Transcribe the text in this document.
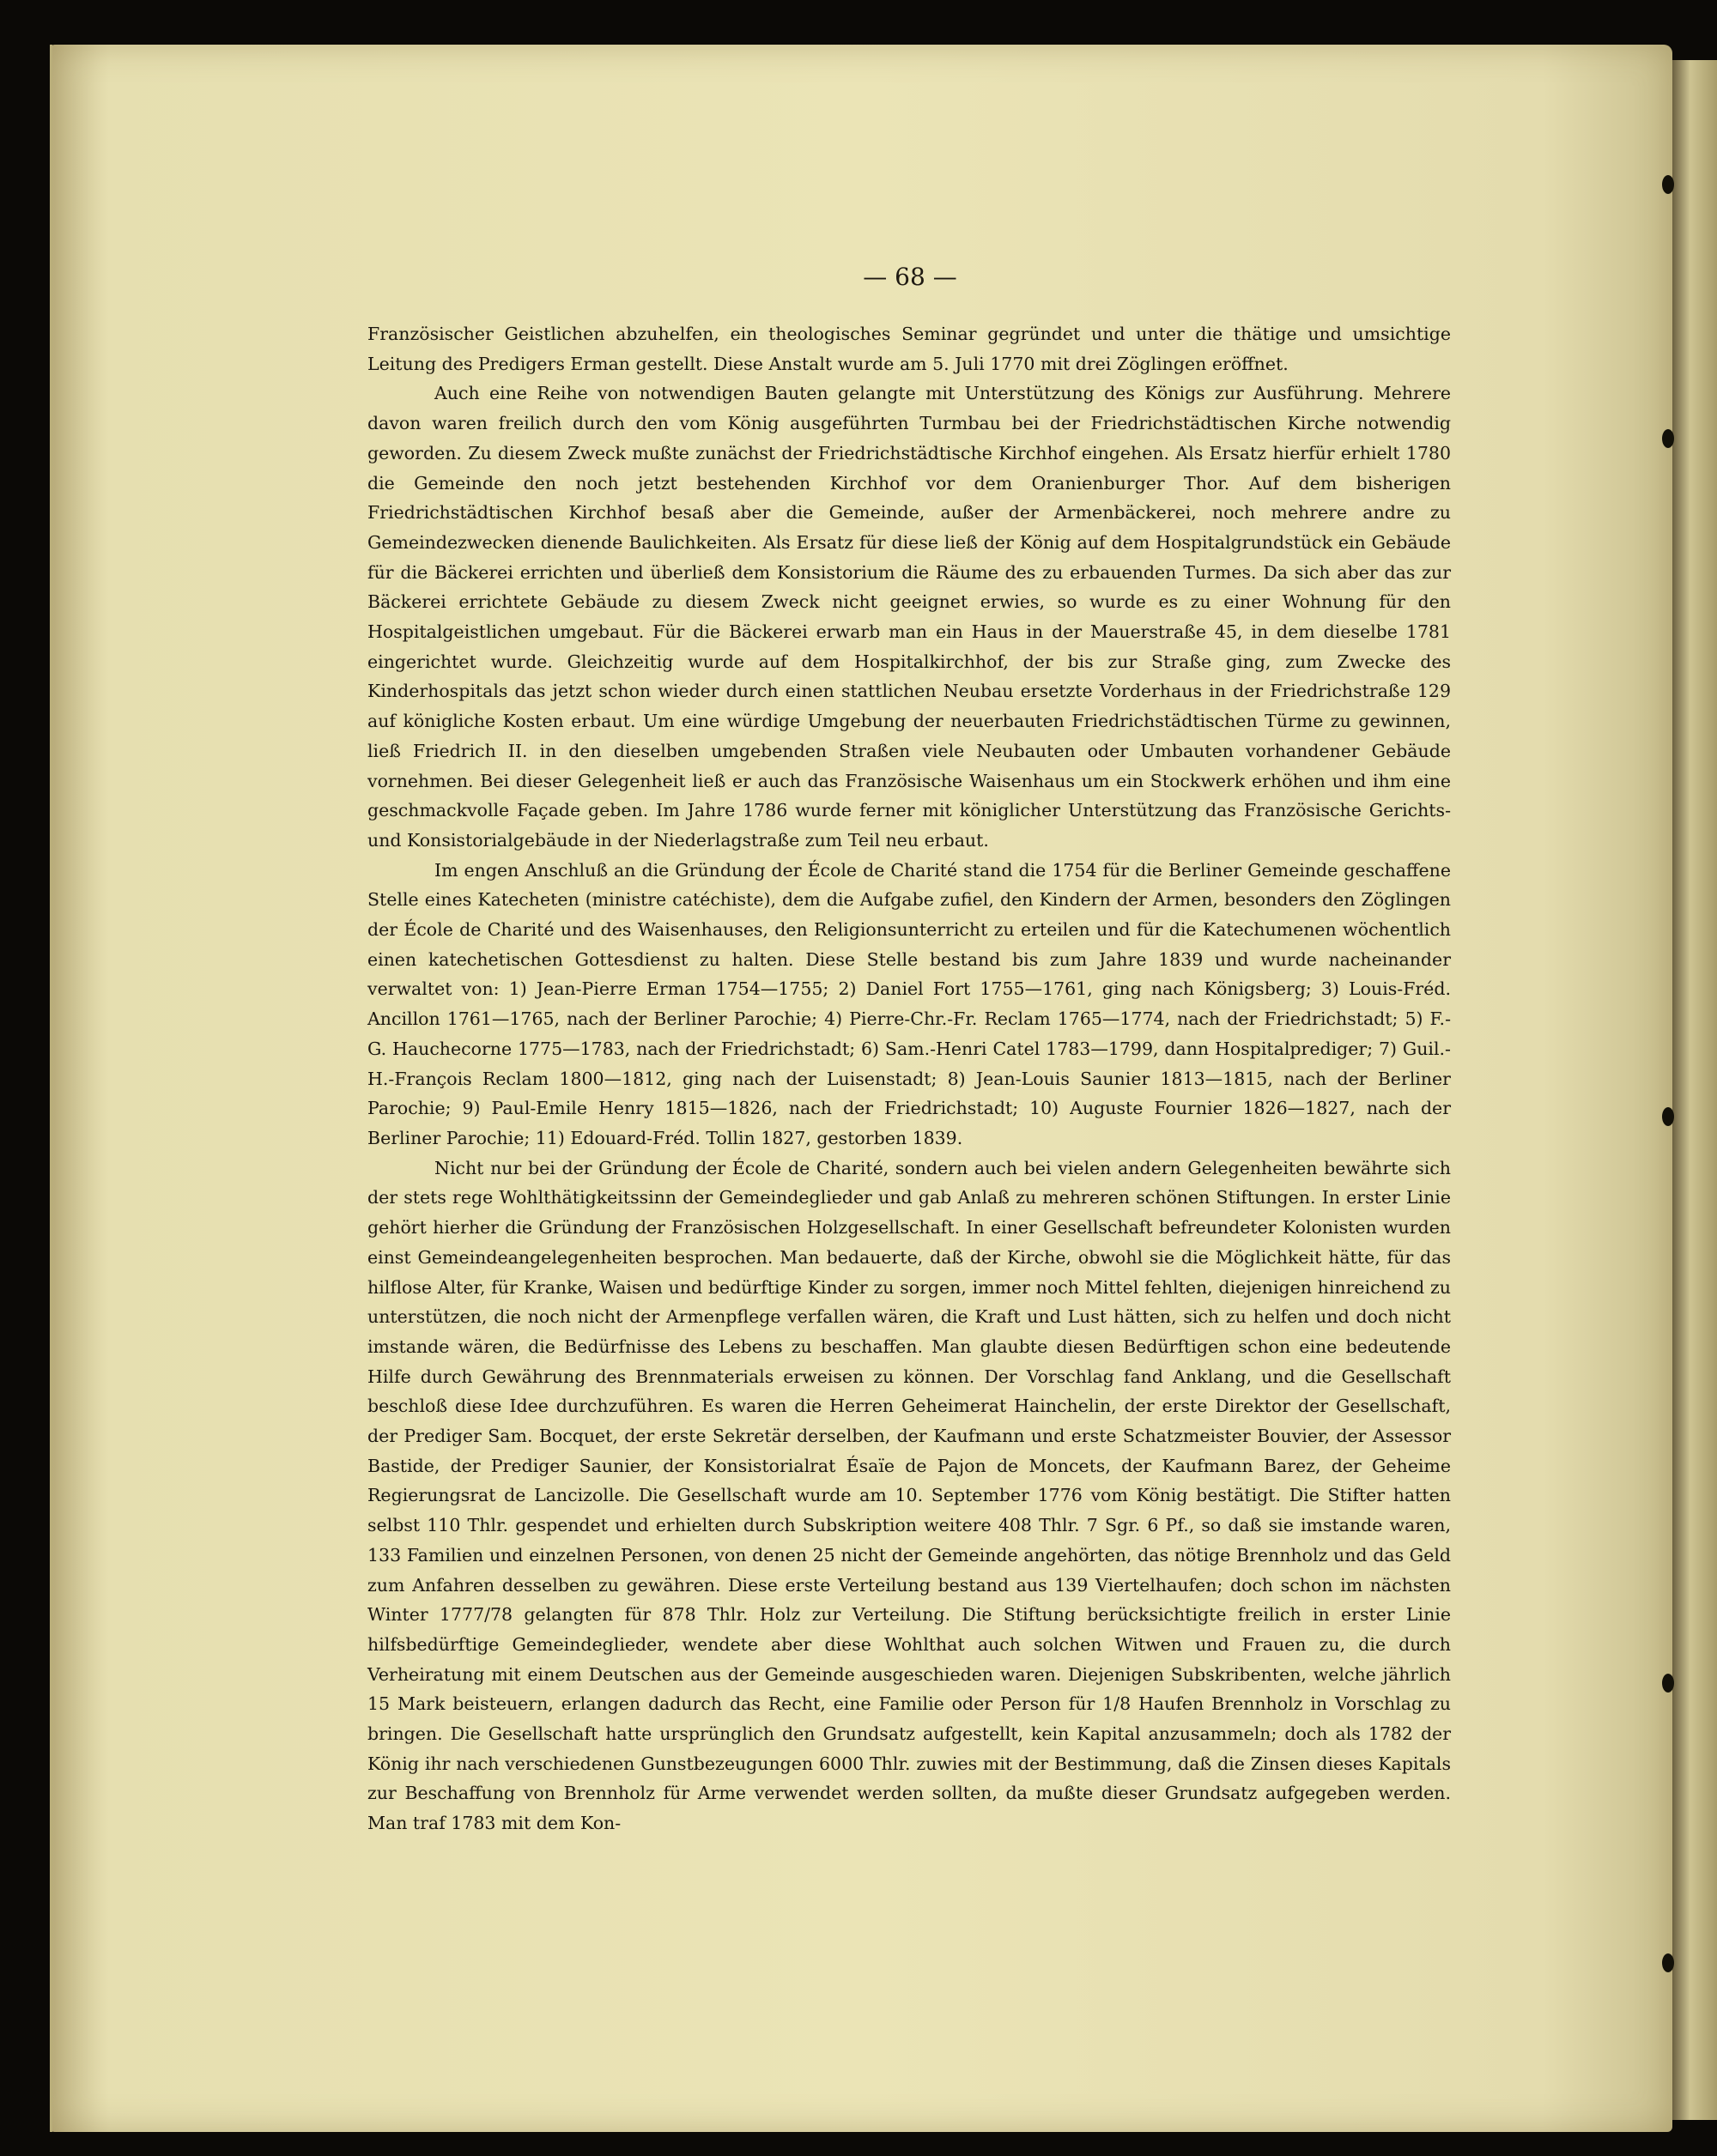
— 68 —

Französischer Geistlichen abzuhelfen, ein theologisches Seminar gegründet und unter die thätige und umsichtige Leitung des Predigers Erman gestellt. Diese Anstalt wurde am 5. Juli 1770 mit drei Zöglingen eröffnet.

Auch eine Reihe von notwendigen Bauten gelangte mit Unterstützung des Königs zur Ausführung. Mehrere davon waren freilich durch den vom König ausgeführten Turmbau bei der Friedrichstädtischen Kirche notwendig geworden. Zu diesem Zweck mußte zunächst der Friedrichstädtische Kirchhof eingehen. Als Ersatz hierfür erhielt 1780 die Gemeinde den noch jetzt bestehenden Kirchhof vor dem Oranienburger Thor. Auf dem bisherigen Friedrichstädtischen Kirchhof besaß aber die Gemeinde, außer der Armenbäckerei, noch mehrere andre zu Gemeindezwecken dienende Baulichkeiten. Als Ersatz für diese ließ der König auf dem Hospitalgrundstück ein Gebäude für die Bäckerei errichten und überließ dem Konsistorium die Räume des zu erbauenden Turmes. Da sich aber das zur Bäckerei errichtete Gebäude zu diesem Zweck nicht geeignet erwies, so wurde es zu einer Wohnung für den Hospitalgeistlichen umgebaut. Für die Bäckerei erwarb man ein Haus in der Mauerstraße 45, in dem dieselbe 1781 eingerichtet wurde. Gleichzeitig wurde auf dem Hospitalkirchhof, der bis zur Straße ging, zum Zwecke des Kinderhospitals das jetzt schon wieder durch einen stattlichen Neubau ersetzte Vorderhaus in der Friedrichstraße 129 auf königliche Kosten erbaut. Um eine würdige Umgebung der neuerbauten Friedrichstädtischen Türme zu gewinnen, ließ Friedrich II. in den dieselben umgebenden Straßen viele Neubauten oder Umbauten vorhandener Gebäude vornehmen. Bei dieser Gelegenheit ließ er auch das Französische Waisenhaus um ein Stockwerk erhöhen und ihm eine geschmackvolle Façade geben. Im Jahre 1786 wurde ferner mit königlicher Unterstützung das Französische Gerichts- und Konsistorialgebäude in der Niederlagstraße zum Teil neu erbaut.

Im engen Anschluß an die Gründung der École de Charité stand die 1754 für die Berliner Gemeinde geschaffene Stelle eines Katecheten (ministre catéchiste), dem die Aufgabe zufiel, den Kindern der Armen, besonders den Zöglingen der École de Charité und des Waisenhauses, den Religionsunterricht zu erteilen und für die Katechumenen wöchentlich einen katechetischen Gottesdienst zu halten. Diese Stelle bestand bis zum Jahre 1839 und wurde nacheinander verwaltet von: 1) Jean-Pierre Erman 1754—1755; 2) Daniel Fort 1755—1761, ging nach Königsberg; 3) Louis-Fréd. Ancillon 1761—1765, nach der Berliner Parochie; 4) Pierre-Chr.-Fr. Reclam 1765—1774, nach der Friedrichstadt; 5) F.-G. Hauchecorne 1775—1783, nach der Friedrichstadt; 6) Sam.-Henri Catel 1783—1799, dann Hospitalprediger; 7) Guil.-H.-François Reclam 1800—1812, ging nach der Luisenstadt; 8) Jean-Louis Saunier 1813—1815, nach der Berliner Parochie; 9) Paul-Emile Henry 1815—1826, nach der Friedrichstadt; 10) Auguste Fournier 1826—1827, nach der Berliner Parochie; 11) Edouard-Fréd. Tollin 1827, gestorben 1839.

Nicht nur bei der Gründung der École de Charité, sondern auch bei vielen andern Gelegenheiten bewährte sich der stets rege Wohlthätigkeitssinn der Gemeindeglieder und gab Anlaß zu mehreren schönen Stiftungen. In erster Linie gehört hierher die Gründung der Französischen Holzgesellschaft. In einer Gesellschaft befreundeter Kolonisten wurden einst Gemeindeangelegenheiten besprochen. Man bedauerte, daß der Kirche, obwohl sie die Möglichkeit hätte, für das hilflose Alter, für Kranke, Waisen und bedürftige Kinder zu sorgen, immer noch Mittel fehlten, diejenigen hinreichend zu unterstützen, die noch nicht der Armenpflege verfallen wären, die Kraft und Lust hätten, sich zu helfen und doch nicht imstande wären, die Bedürfnisse des Lebens zu beschaffen. Man glaubte diesen Bedürftigen schon eine bedeutende Hilfe durch Gewährung des Brennmaterials erweisen zu können. Der Vorschlag fand Anklang, und die Gesellschaft beschloß diese Idee durchzuführen. Es waren die Herren Geheimerat Hainchelin, der erste Direktor der Gesellschaft, der Prediger Sam. Bocquet, der erste Sekretär derselben, der Kaufmann und erste Schatzmeister Bouvier, der Assessor Bastide, der Prediger Saunier, der Konsistorialrat Ésaïe de Pajon de Moncets, der Kaufmann Barez, der Geheime Regierungsrat de Lancizolle. Die Gesellschaft wurde am 10. September 1776 vom König bestätigt. Die Stifter hatten selbst 110 Thlr. gespendet und erhielten durch Subskription weitere 408 Thlr. 7 Sgr. 6 Pf., so daß sie imstande waren, 133 Familien und einzelnen Personen, von denen 25 nicht der Gemeinde angehörten, das nötige Brennholz und das Geld zum Anfahren desselben zu gewähren. Diese erste Verteilung bestand aus 139 Viertelhaufen; doch schon im nächsten Winter 1777/78 gelangten für 878 Thlr. Holz zur Verteilung. Die Stiftung berücksichtigte freilich in erster Linie hilfsbedürftige Gemeindeglieder, wendete aber diese Wohlthat auch solchen Witwen und Frauen zu, die durch Verheiratung mit einem Deutschen aus der Gemeinde ausgeschieden waren. Diejenigen Subskribenten, welche jährlich 15 Mark beisteuern, erlangen dadurch das Recht, eine Familie oder Person für 1/8 Haufen Brennholz in Vorschlag zu bringen. Die Gesellschaft hatte ursprünglich den Grundsatz aufgestellt, kein Kapital anzusammeln; doch als 1782 der König ihr nach verschiedenen Gunstbezeugungen 6000 Thlr. zuwies mit der Bestimmung, daß die Zinsen dieses Kapitals zur Beschaffung von Brennholz für Arme verwendet werden sollten, da mußte dieser Grundsatz aufgegeben werden. Man traf 1783 mit dem Kon-
